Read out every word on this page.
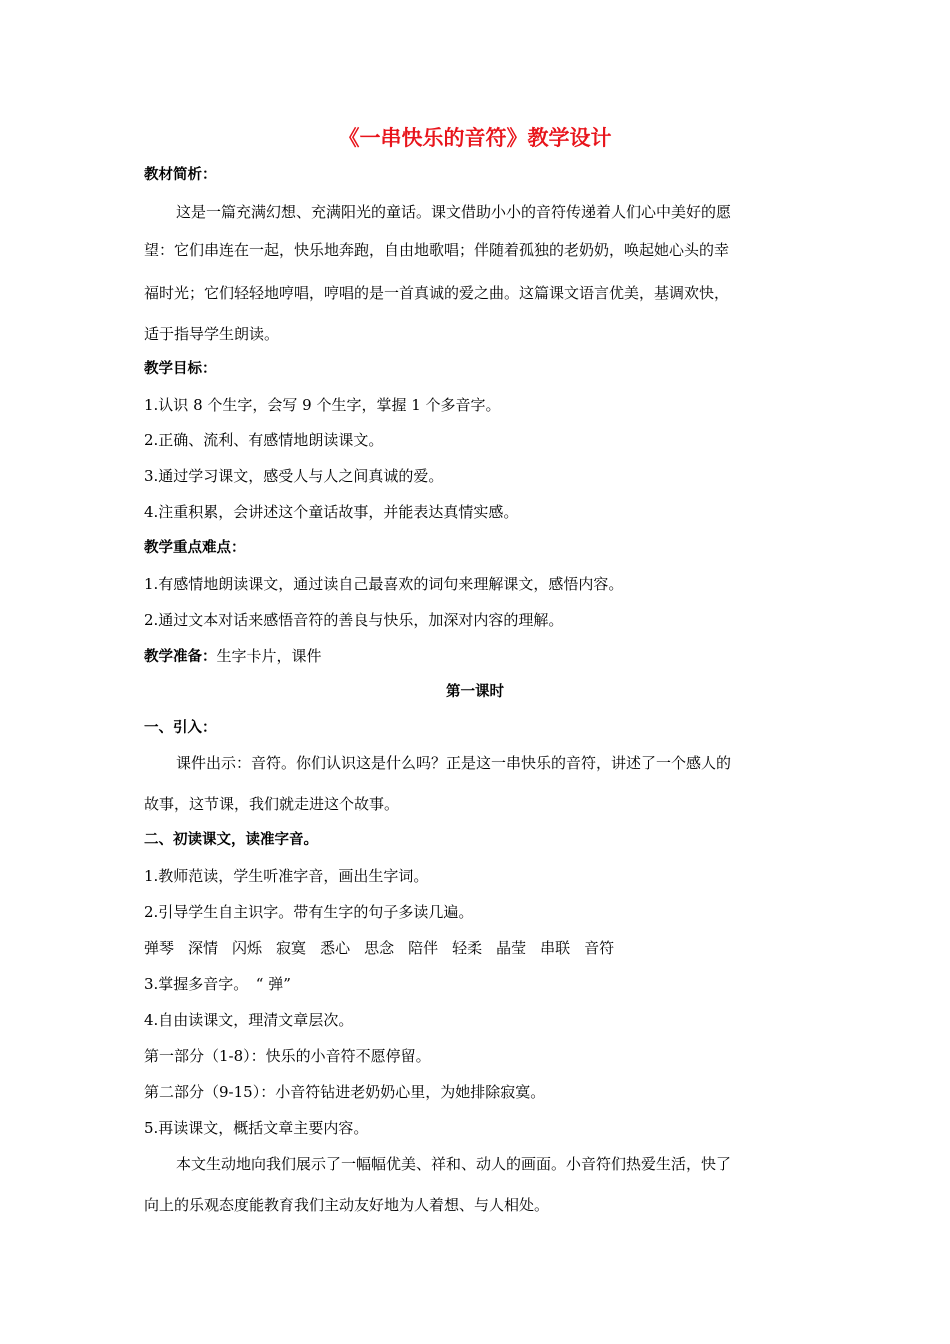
《一串快乐的音符》教学设计

教材简析：

这是一篇充满幻想、充满阳光的童话。课文借助小小的音符传递着人们心中美好的愿

望：它们串连在一起，快乐地奔跑，自由地歌唱；伴随着孤独的老奶奶，唤起她心头的幸

福时光；它们轻轻地哼唱，哼唱的是一首真诚的爱之曲。这篇课文语言优美，基调欢快，

适于指导学生朗读。

教学目标：

1.认识 8 个生字，会写 9 个生字，掌握 1 个多音字。

2.正确、流利、有感情地朗读课文。

3.通过学习课文，感受人与人之间真诚的爱。

4.注重积累，会讲述这个童话故事，并能表达真情实感。

教学重点难点：

1.有感情地朗读课文，通过读自己最喜欢的词句来理解课文，感悟内容。

2.通过文本对话来感悟音符的善良与快乐，加深对内容的理解。

教学准备：生字卡片，课件

第一课时

一、引入：

课件出示：音符。你们认识这是什么吗？正是这一串快乐的音符，讲述了一个感人的

故事，这节课，我们就走进这个故事。

二、初读课文，读准字音。

1.教师范读，学生听准字音，画出生字词。

2.引导学生自主识字。带有生字的句子多读几遍。

弹琴 深情 闪烁 寂寞 悉心 思念 陪伴 轻柔 晶莹 串联 音符

3.掌握多音字。　“ 弹”

4.自由读课文，理清文章层次。

第一部分（1-8）：快乐的小音符不愿停留。

第二部分（9-15）：小音符钻进老奶奶心里，为她排除寂寞。

5.再读课文，概括文章主要内容。

本文生动地向我们展示了一幅幅优美、祥和、动人的画面。小音符们热爱生活，快了

向上的乐观态度能教育我们主动友好地为人着想、与人相处。
